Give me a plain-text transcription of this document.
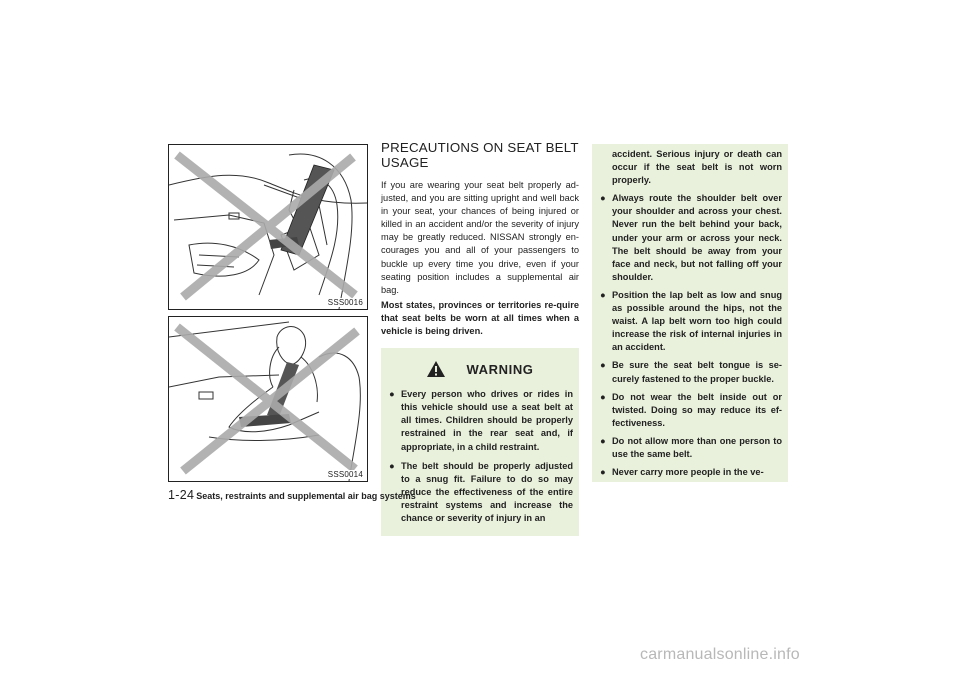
SSS0016
SSS0014
PRECAUTIONS ON SEAT BELT USAGE

If you are wearing your seat belt properly ad-justed, and you are sitting upright and well back in your seat, your chances of being injured or killed in an accident and/or the severity of injury may be greatly reduced. NISSAN strongly en-courages you and all of your passengers to buckle up every time you drive, even if your seating position includes a supplemental air bag.

Most states, provinces or territories re-quire that seat belts be worn at all times when a vehicle is being driven.

WARNING
● Every person who drives or rides in this vehicle should use a seat belt at all times. Children should be properly restrained in the rear seat and, if appropriate, in a child restraint.
● The belt should be properly adjusted to a snug fit. Failure to do so may reduce the effectiveness of the entire restraint systems and increase the chance or severity of injury in an
accident. Serious injury or death can occur if the seat belt is not worn properly.
● Always route the shoulder belt over your shoulder and across your chest. Never run the belt behind your back, under your arm or across your neck. The belt should be away from your face and neck, but not falling off your shoulder.
● Position the lap belt as low and snug as possible around the hips, not the waist. A lap belt worn too high could increase the risk of internal injuries in an accident.
● Be sure the seat belt tongue is se-curely fastened to the proper buckle.
● Do not wear the belt inside out or twisted. Doing so may reduce its ef-fectiveness.
● Do not allow more than one person to use the same belt.
● Never carry more people in the ve-
1-24 Seats, restraints and supplemental air bag systems
carmanualsonline.info
